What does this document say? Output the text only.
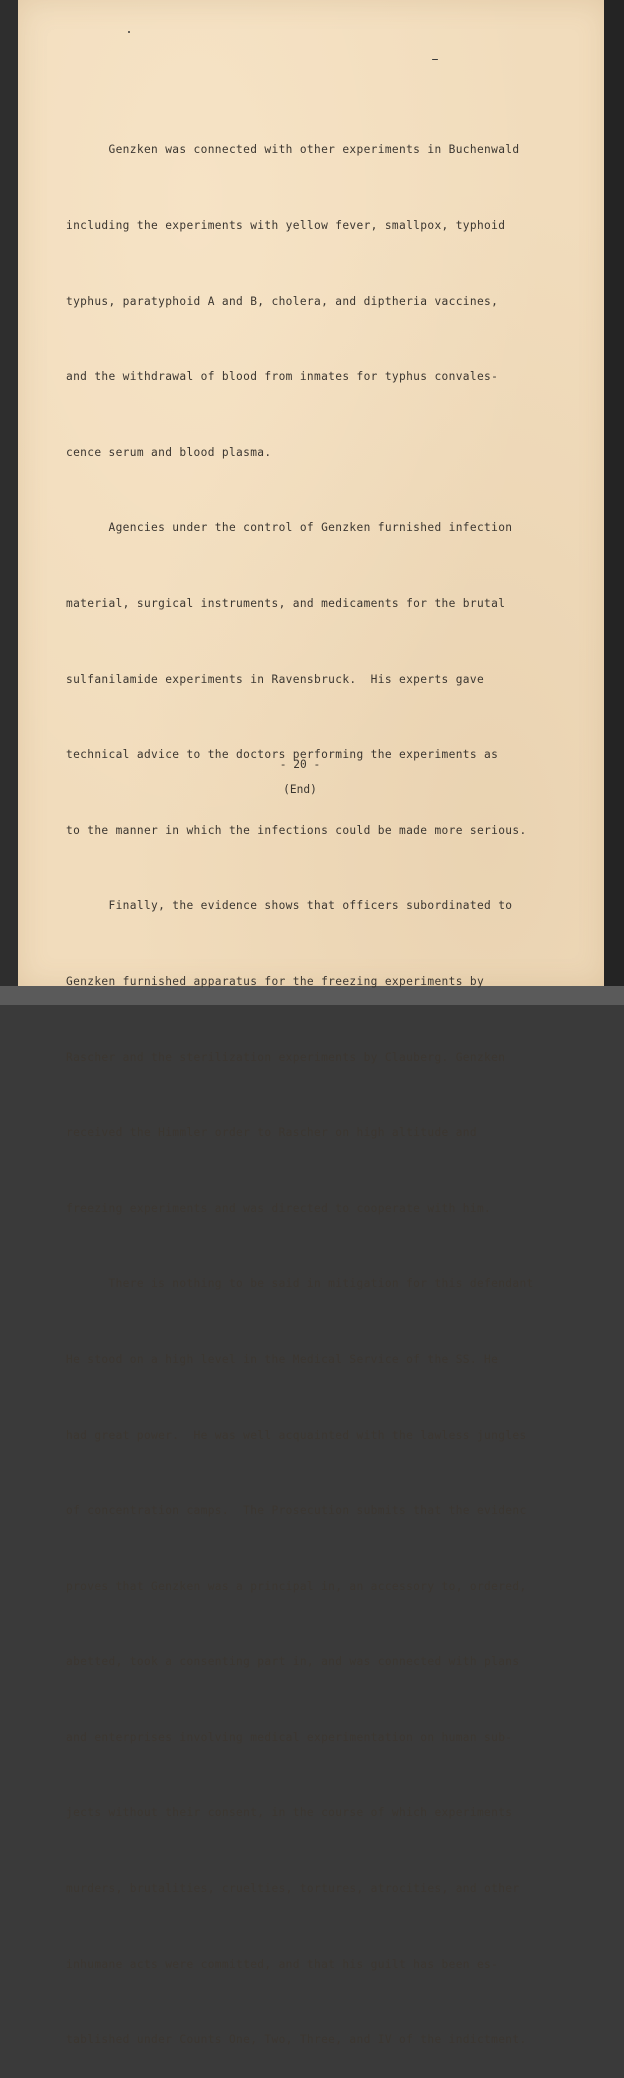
Genzken was connected with other experiments in Buchenwald

including the experiments with yellow fever, smallpox, typhoid

typhus, paratyphoid A and B, cholera, and diptheria vaccines,

and the withdrawal of blood from inmates for typhus convales-

cence serum and blood plasma.

Agencies under the control of Genzken furnished infection

material, surgical instruments, and medicaments for the brutal

sulfanilamide experiments in Ravensbruck.  His experts gave

technical advice to the doctors performing the experiments as

to the manner in which the infections could be made more serious.

Finally, the evidence shows that officers subordinated to

Genzken furnished apparatus for the freezing experiments by

Rascher and the sterilization experiments by Clauberg. Genzken

received the Himmler order to Rascher on high altitude and

freezing experiments and was directed to cooperate with him.

There is nothing to be said in mitigation for this defendant

He stood on a high level in the Medical Service of the SS. He

had great power.  He was well acquainted with the lawless jungles

of concentration camps.  The Prosecution submits that the evidenc

proves that Genzken was a principal in, an accessory to, ordered,

abetted, took a consenting part in, and was connected with plans

and enterprises involving medical experimentation on human sub-

jects without their consent, in the course of which experiments

murders, brutalities, cruelties, tortures, atrocities, and other

inhumane acts were committed, and that his guilt has been es-

tablished under Counts One, Two, Three, and IV of the indictment.

- 20 -
(End)
